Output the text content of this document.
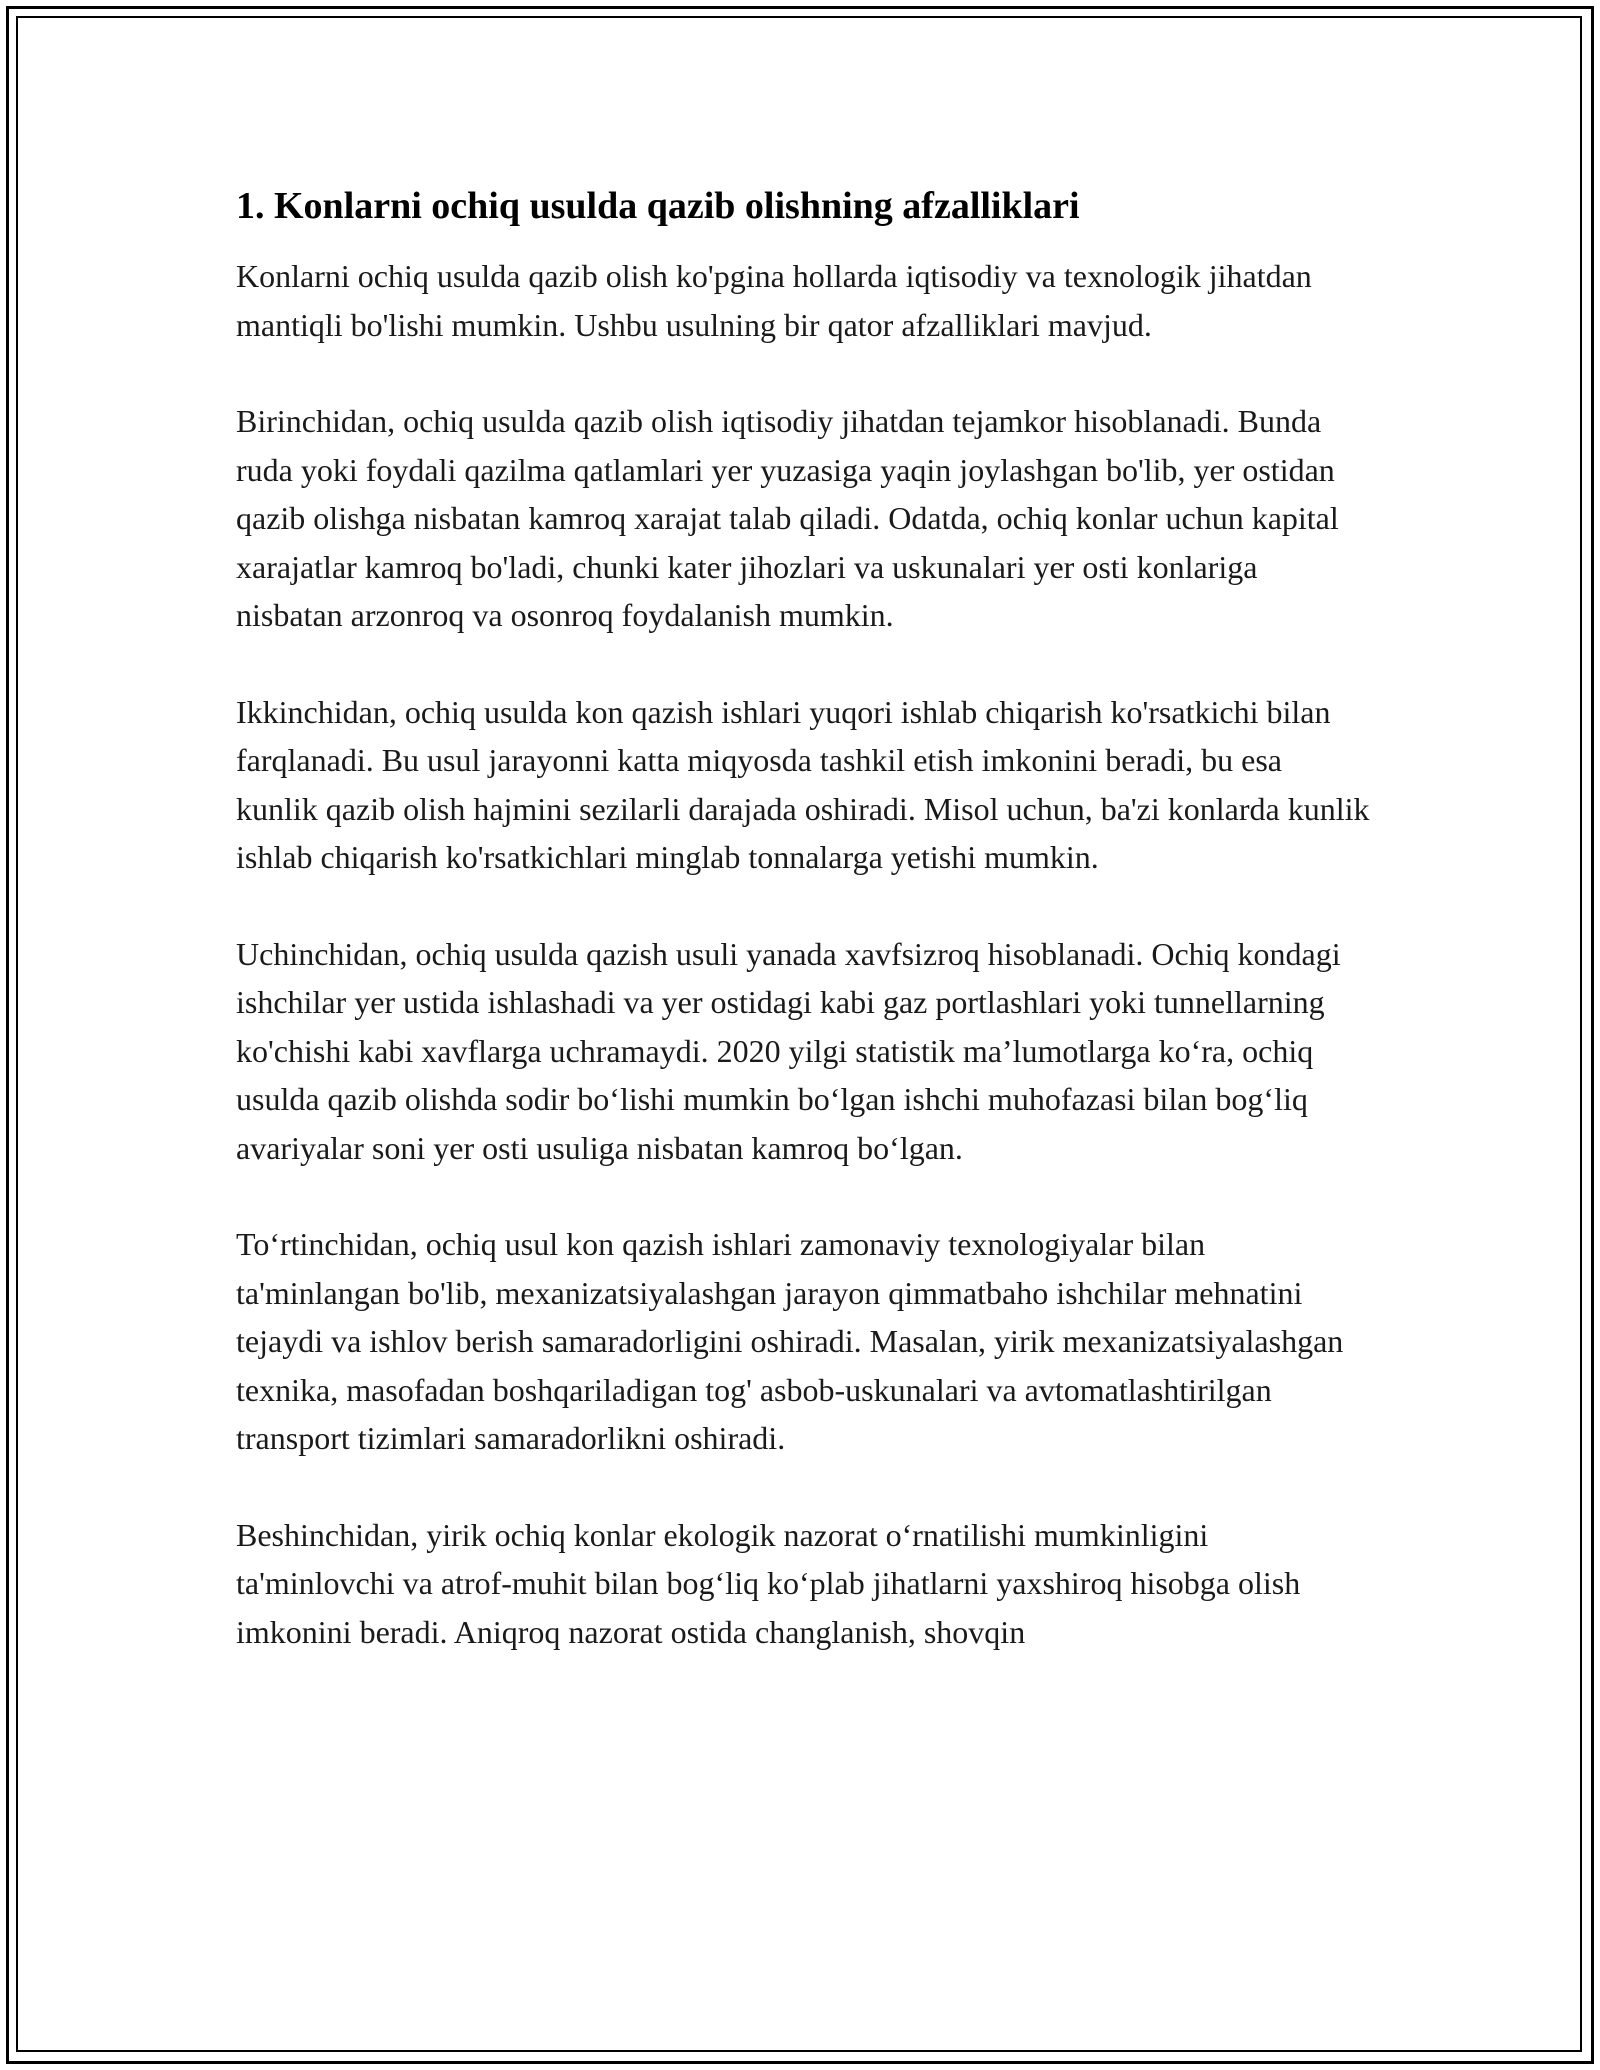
1. Konlarni ochiq usulda qazib olishning afzalliklari

Konlarni ochiq usulda qazib olish ko'pgina hollarda iqtisodiy va texnologik jihatdan mantiqli bo'lishi mumkin. Ushbu usulning bir qator afzalliklari mavjud.

Birinchidan, ochiq usulda qazib olish iqtisodiy jihatdan tejamkor hisoblanadi. Bunda ruda yoki foydali qazilma qatlamlari yer yuzasiga yaqin joylashgan bo'lib, yer ostidan qazib olishga nisbatan kamroq xarajat talab qiladi. Odatda, ochiq konlar uchun kapital xarajatlar kamroq bo'ladi, chunki kater jihozlari va uskunalari yer osti konlariga nisbatan arzonroq va osonroq foydalanish mumkin.

Ikkinchidan, ochiq usulda kon qazish ishlari yuqori ishlab chiqarish ko'rsatkichi bilan farqlanadi. Bu usul jarayonni katta miqyosda tashkil etish imkonini beradi, bu esa kunlik qazib olish hajmini sezilarli darajada oshiradi. Misol uchun, ba'zi konlarda kunlik ishlab chiqarish ko'rsatkichlari minglab tonnalarga yetishi mumkin.

Uchinchidan, ochiq usulda qazish usuli yanada xavfsizroq hisoblanadi. Ochiq kondagi ishchilar yer ustida ishlashadi va yer ostidagi kabi gaz portlashlari yoki tunnellarning ko'chishi kabi xavflarga uchramaydi. 2020 yilgi statistik ma’lumotlarga ko‘ra, ochiq usulda qazib olishda sodir bo‘lishi mumkin bo‘lgan ishchi muhofazasi bilan bog‘liq avariyalar soni yer osti usuliga nisbatan kamroq bo‘lgan.

To‘rtinchidan, ochiq usul kon qazish ishlari zamonaviy texnologiyalar bilan ta'minlangan bo'lib, mexanizatsiyalashgan jarayon qimmatbaho ishchilar mehnatini tejaydi va ishlov berish samaradorligini oshiradi. Masalan, yirik mexanizatsiyalashgan texnika, masofadan boshqariladigan tog' asbob-uskunalari va avtomatlashtirilgan transport tizimlari samaradorlikni oshiradi.

Beshinchidan, yirik ochiq konlar ekologik nazorat o‘rnatilishi mumkinligini ta'minlovchi va atrof-muhit bilan bog‘liq ko‘plab jihatlarni yaxshiroq hisobga olish imkonini beradi. Aniqroq nazorat ostida changlanish, shovqin
